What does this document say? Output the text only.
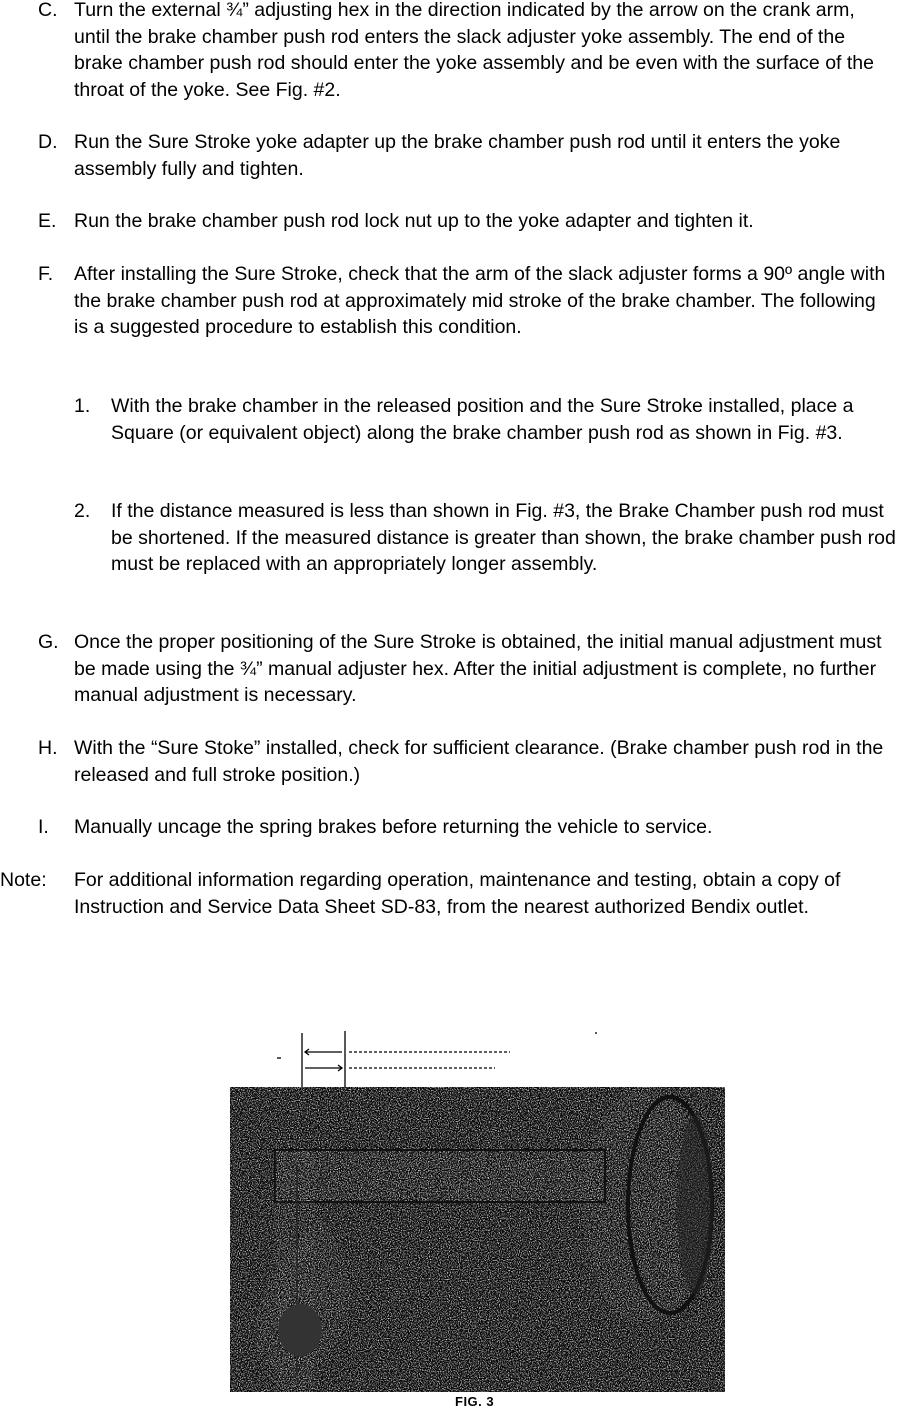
C. Turn the external ¾” adjusting hex in the direction indicated by the arrow on the crank arm, until the brake chamber push rod enters the slack adjuster yoke assembly. The end of the brake chamber push rod should enter the yoke assembly and be even with the surface of the throat of the yoke. See Fig. #2.
D. Run the Sure Stroke yoke adapter up the brake chamber push rod until it enters the yoke assembly fully and tighten.
E. Run the brake chamber push rod lock nut up to the yoke adapter and tighten it.
F. After installing the Sure Stroke, check that the arm of the slack adjuster forms a 90º angle with the brake chamber push rod at approximately mid stroke of the brake chamber. The following is a suggested procedure to establish this condition.
1. With the brake chamber in the released position and the Sure Stroke installed, place a Square (or equivalent object) along the brake chamber push rod as shown in Fig. #3.
2. If the distance measured is less than shown in Fig. #3, the Brake Chamber push rod must be shortened. If the measured distance is greater than shown, the brake chamber push rod must be replaced with an appropriately longer assembly.
G. Once the proper positioning of the Sure Stroke is obtained, the initial manual adjustment must be made using the ¾” manual adjuster hex. After the initial adjustment is complete, no further manual adjustment is necessary.
H. With the “Sure Stoke” installed, check for sufficient clearance. (Brake chamber push rod in the released and full stroke position.)
I. Manually uncage the spring brakes before returning the vehicle to service.
Note: For additional information regarding operation, maintenance and testing, obtain a copy of Instruction and Service Data Sheet SD-83, from the nearest authorized Bendix outlet.
FIG. 3
